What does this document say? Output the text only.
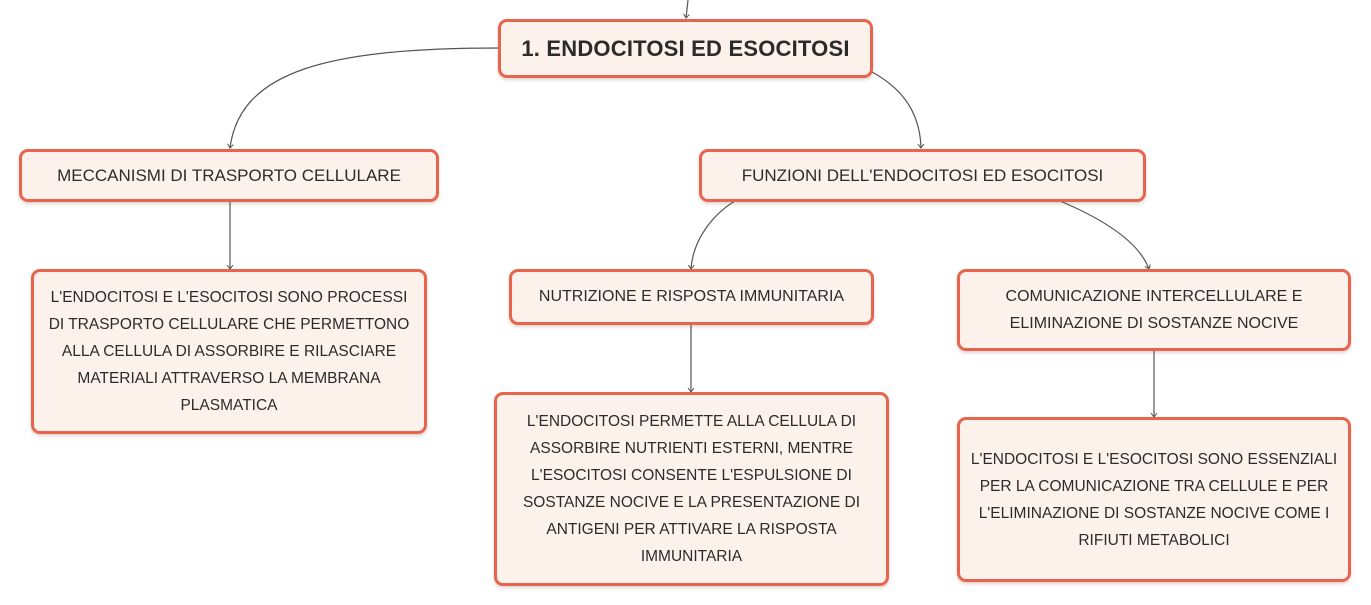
1. ENDOCITOSI ED ESOCITOSI
MECCANISMI DI TRASPORTO CELLULARE	FUNZIONI DELL'ENDOCITOSI ED ESOCITOSI
L'ENDOCITOSI E L'ESOCITOSI SONO PROCESSI DI TRASPORTO CELLULARE CHE PERMETTONO ALLA CELLULA DI ASSORBIRE E RILASCIARE MATERIALI ATTRAVERSO LA MEMBRANA PLASMATICA
NUTRIZIONE E RISPOSTA IMMUNITARIA	COMUNICAZIONE INTERCELLULARE E ELIMINAZIONE DI SOSTANZE NOCIVE
L'ENDOCITOSI PERMETTE ALLA CELLULA DI ASSORBIRE NUTRIENTI ESTERNI, MENTRE L'ESOCITOSI CONSENTE L'ESPULSIONE DI SOSTANZE NOCIVE E LA PRESENTAZIONE DI ANTIGENI PER ATTIVARE LA RISPOSTA IMMUNITARIA
L'ENDOCITOSI E L'ESOCITOSI SONO ESSENZIALI PER LA COMUNICAZIONE TRA CELLULE E PER L'ELIMINAZIONE DI SOSTANZE NOCIVE COME I RIFIUTI METABOLICI
